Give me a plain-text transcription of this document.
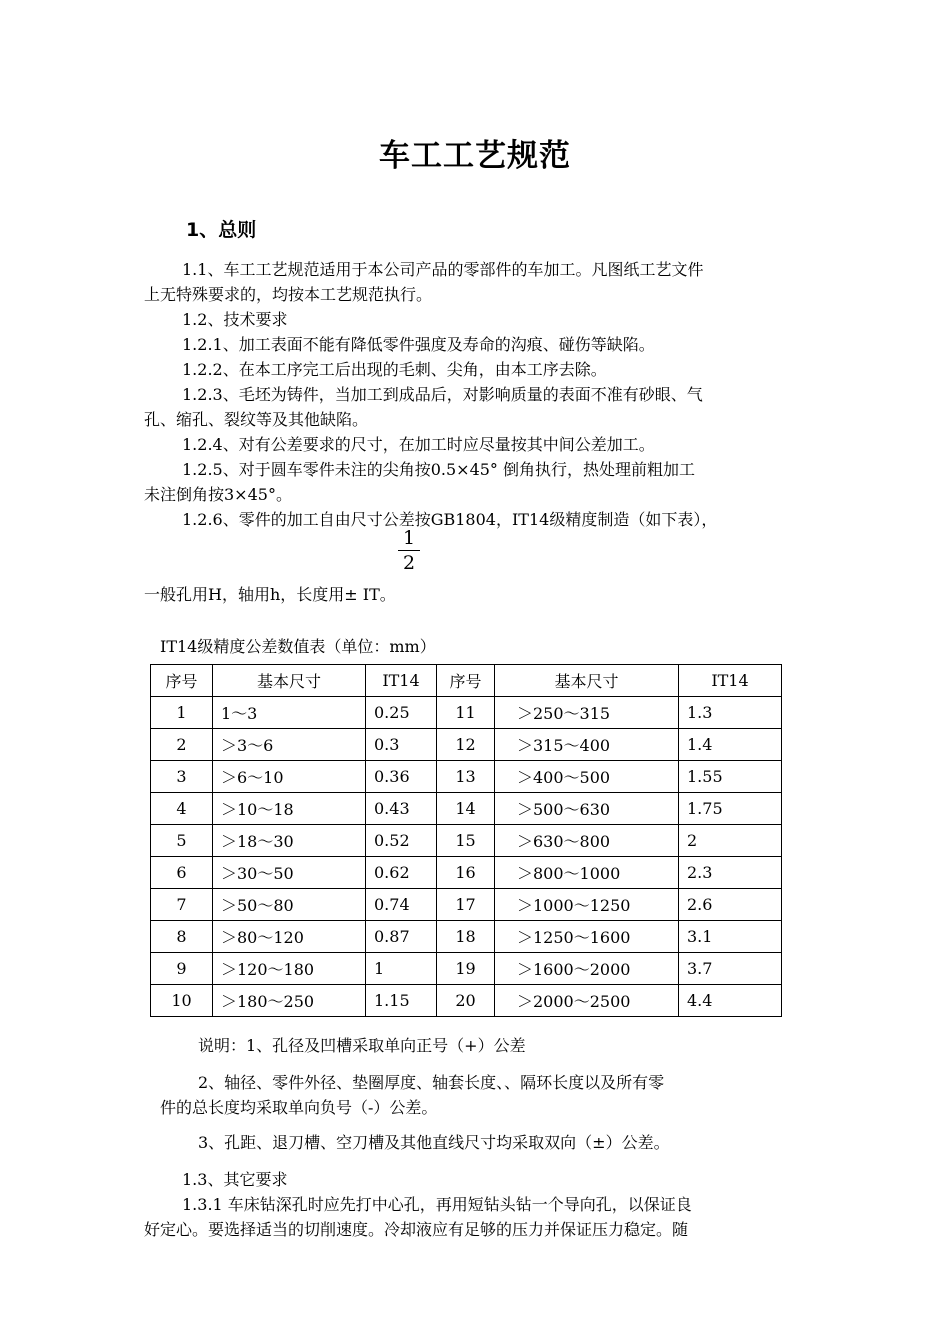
车工工艺规范
1、总则
1.1、车工工艺规范适用于本公司产品的零部件的车加工。凡图纸工艺文件
上无特殊要求的，均按本工艺规范执行。
1.2、技术要求
1.2.1、加工表面不能有降低零件强度及寿命的沟痕、碰伤等缺陷。
1.2.2、在本工序完工后出现的毛刺、尖角，由本工序去除。
1.2.3、毛坯为铸件，当加工到成品后，对影响质量的表面不准有砂眼、气
孔、缩孔、裂纹等及其他缺陷。
1.2.4、对有公差要求的尺寸，在加工时应尽量按其中间公差加工。
1.2.5、对于圆车零件未注的尖角按0.5×45° 倒角执行，热处理前粗加工
未注倒角按3×45°。
1.2.6、零件的加工自由尺寸公差按GB1804，IT14级精度制造（如下表），
1
2
一般孔用H，轴用h，长度用± IT。
IT14级精度公差数值表（单位：mm）
序号	基本尺寸	IT14	序号	基本尺寸	IT14
1	1～3	0.25	11	＞250～315	1.3
2	＞3～6	0.3	12	＞315～400	1.4
3	＞6～10	0.36	13	＞400～500	1.55
4	＞10～18	0.43	14	＞500～630	1.75
5	＞18～30	0.52	15	＞630～800	2
6	＞30～50	0.62	16	＞800～1000	2.3
7	＞50～80	0.74	17	＞1000～1250	2.6
8	＞80～120	0.87	18	＞1250～1600	3.1
9	＞120～180	1	19	＞1600～2000	3.7
10	＞180～250	1.15	20	＞2000～2500	4.4
说明：1、孔径及凹槽采取单向正号（+）公差
2、轴径、零件外径、垫圈厚度、轴套长度、、隔环长度以及所有零
件的总长度均采取单向负号（-）公差。
3、孔距、退刀槽、空刀槽及其他直线尺寸均采取双向（±）公差。
1.3、其它要求
1.3.1 车床钻深孔时应先打中心孔，再用短钻头钻一个导向孔，以保证良
好定心。要选择适当的切削速度。冷却液应有足够的压力并保证压力稳定。随
